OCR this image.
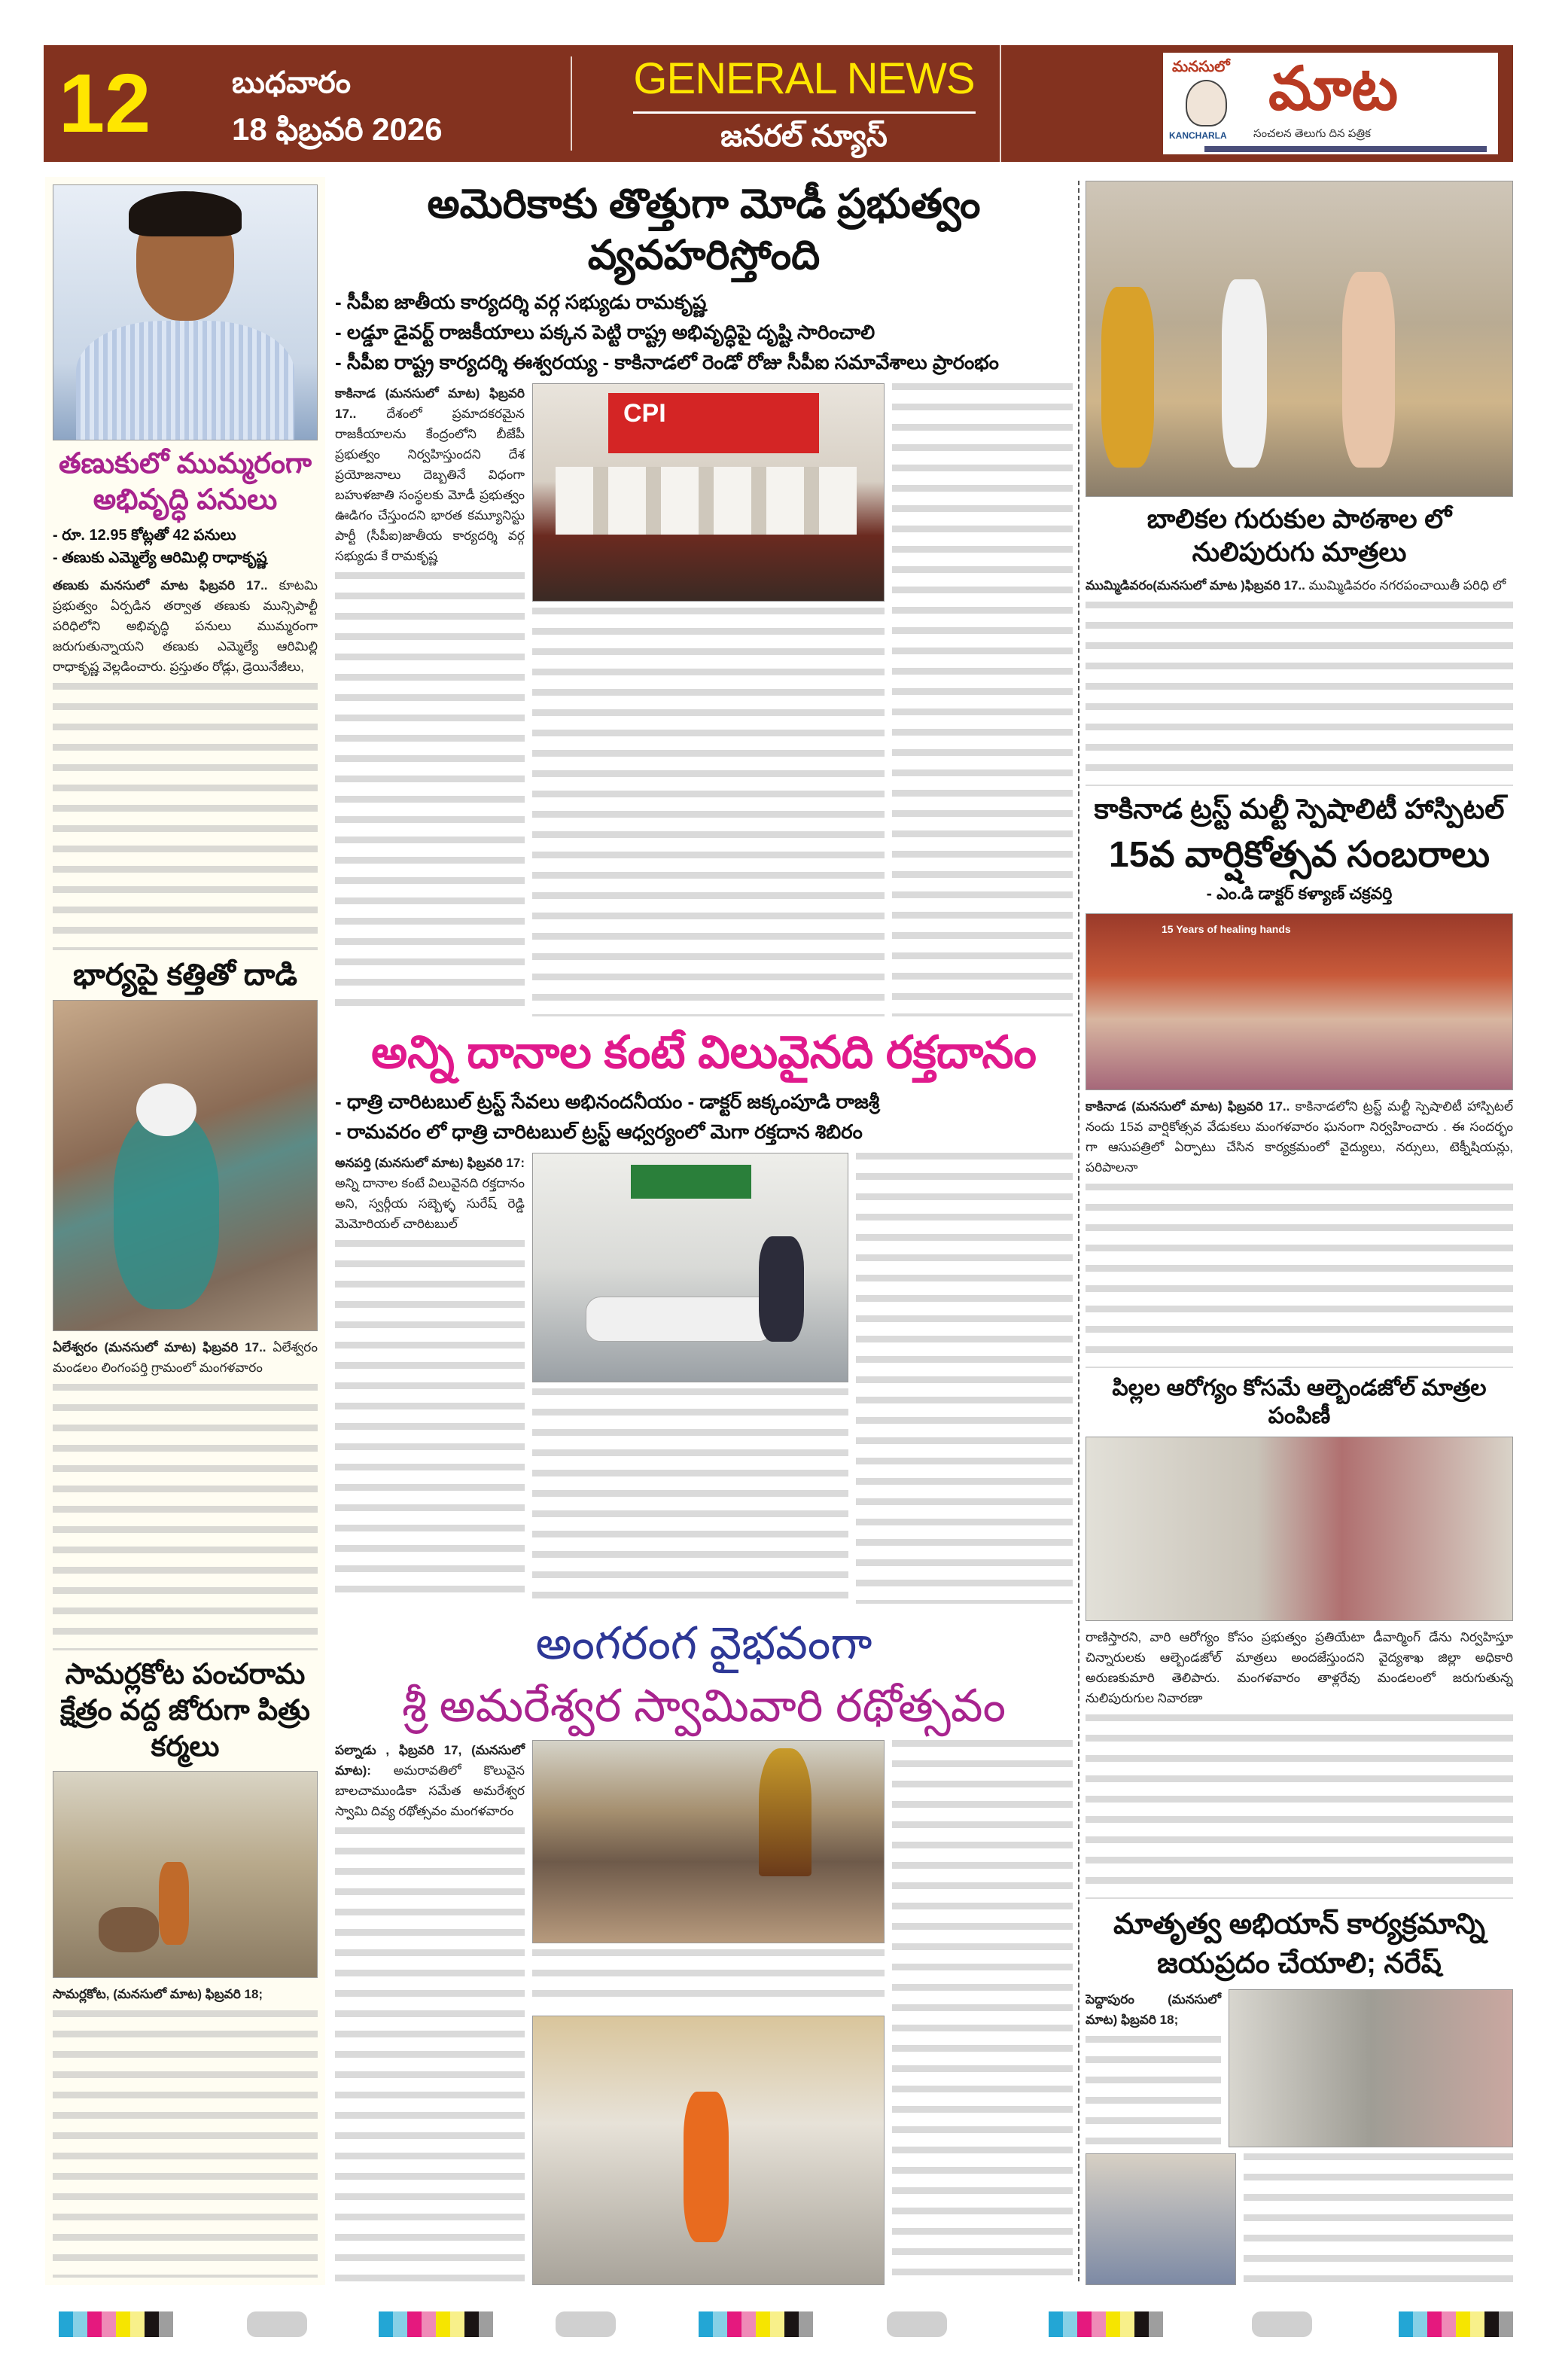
12	బుధవారం
18 ఫిబ్రవరి 2026
GENERAL NEWS
జనరల్ న్యూస్
మనసులో మాట
KANCHARLA సంచలన తెలుగు దిన పత్రిక
తణుకులో ముమ్మరంగా అభివృద్ధి పనులు
- రూ. 12.95 కోట్లతో 42 పనులు
- తణుకు ఎమ్మెల్యే ఆరిమిల్లి రాధాకృష్ణ
తణుకు మనసులో మాట ఫిబ్రవరి 17.. కూటమి ప్రభుత్వం ఏర్పడిన తర్వాత తణుకు మున్సిపాల్టీ పరిధిలోని అభివృద్ధి పనులు ముమ్మరంగా జరుగుతున్నాయని తణుకు ఎమ్మెల్యే ఆరిమిల్లి రాధాకృష్ణ వెల్లడించారు. ప్రస్తుతం రోడ్లు, డ్రెయినేజీలు,
భార్యపై కత్తితో దాడి
ఏలేశ్వరం (మనసులో మాట) ఫిబ్రవరి 17.. ఏలేశ్వరం మండలం లింగంపర్తి గ్రామంలో మంగళవారం
సామర్లకోట పంచరామ క్షేత్రం వద్ద జోరుగా పిత్రు కర్మలు
సామర్లకోట, (మనసులో మాట) ఫిబ్రవరి 18;
అమెరికాకు తొత్తుగా మోడీ ప్రభుత్వం వ్యవహరిస్తోంది
- సీపీఐ జాతీయ కార్యదర్శి వర్గ సభ్యుడు రామకృష్ణ
- లడ్డూ డైవర్ట్ రాజకీయాలు పక్కన పెట్టి రాష్ట్ర అభివృద్ధిపై దృష్టి సారించాలి
- సీపీఐ రాష్ట్ర కార్యదర్శి ఈశ్వరయ్య - కాకినాడలో రెండో రోజు సీపీఐ సమావేశాలు ప్రారంభం
కాకినాడ (మనసులో మాట) ఫిబ్రవరి 17.. దేశంలో ప్రమాదకరమైన రాజకీయాలను కేంద్రంలోని బీజేపీ ప్రభుత్వం నిర్వహిస్తుందని దేశ ప్రయోజనాలు దెబ్బతినే విధంగా బహుళజాతి సంస్థలకు మోడీ ప్రభుత్వం ఊడిగం చేస్తుందని భారత కమ్యూనిస్టు పార్టీ (సీపీఐ)జాతీయ కార్యదర్శి వర్గ సభ్యుడు కే రామకృష్ణ
CPI
అన్ని దానాల కంటే విలువైనది రక్తదానం
- ధాత్రి చారిటబుల్ ట్రస్ట్ సేవలు అభినందనీయం - డాక్టర్ జక్కంపూడి రాజశ్రీ
- రామవరం లో ధాత్రి చారిటబుల్ ట్రస్ట్ ఆధ్వర్యంలో మెగా రక్తదాన శిబిరం
అనపర్తి (మనసులో మాట) ఫిబ్రవరి 17: అన్ని దానాల కంటే విలువైనది రక్తదానం అని, స్వర్గీయ సబ్బెళ్ళ సురేష్ రెడ్డి మెమోరియల్ చారిటబుల్
అంగరంగ వైభవంగా
శ్రీ అమరేశ్వర స్వామివారి రథోత్సవం
పల్నాడు , ఫిబ్రవరి 17, (మనసులో మాట): అమరావతిలో కొలువైన బాలచాముండికా సమేత అమరేశ్వర స్వామి దివ్య రథోత్సవం మంగళవారం
బాలికల గురుకుల పాఠశాల లో నులిపురుగు మాత్రలు
ముమ్మిడివరం(మనసులో మాట )ఫిబ్రవరి 17.. ముమ్మిడివరం నగరపంచాయితీ పరిధి లో
కాకినాడ ట్రస్ట్ మల్టీ స్పెషాలిటీ హాస్పిటల్
15వ వార్షికోత్సవ సంబరాలు
- ఎం.డి డాక్టర్ కళ్యాణ్ చక్రవర్తి
15 Years of healing hands
కాకినాడ (మనసులో మాట) ఫిబ్రవరి 17.. కాకినాడలోని ట్రస్ట్ మల్టీ స్పెషాలిటీ హాస్పిటల్ నందు 15వ వార్షికోత్సవ వేడుకలు మంగళవారం ఘనంగా నిర్వహించారు . ఈ సందర్భం గా ఆసుపత్రిలో ఏర్పాటు చేసిన కార్యక్రమంలో వైద్యులు, నర్సులు, టెక్నీషియన్లు, పరిపాలనా
పిల్లల ఆరోగ్యం కోసమే ఆల్బెండజోల్ మాత్రల పంపిణీ
రాణిస్తారని, వారి ఆరోగ్యం కోసం ప్రభుత్వం ప్రతియేటా డీవార్మింగ్ డేను నిర్వహిస్తూ చిన్నారులకు ఆల్బెండజోల్ మాత్రలు అందజేస్తుందని వైద్యశాఖ జిల్లా అధికారి అరుణకుమారి తెలిపారు. మంగళవారం తాళ్లరేవు మండలంలో జరుగుతున్న నులిపురుగుల నివారణా
మాతృత్వ అభియాన్ కార్యక్రమాన్ని జయప్రదం చేయాలి; నరేష్
పెద్దాపురం (మనసులో మాట) ఫిబ్రవరి 18;
